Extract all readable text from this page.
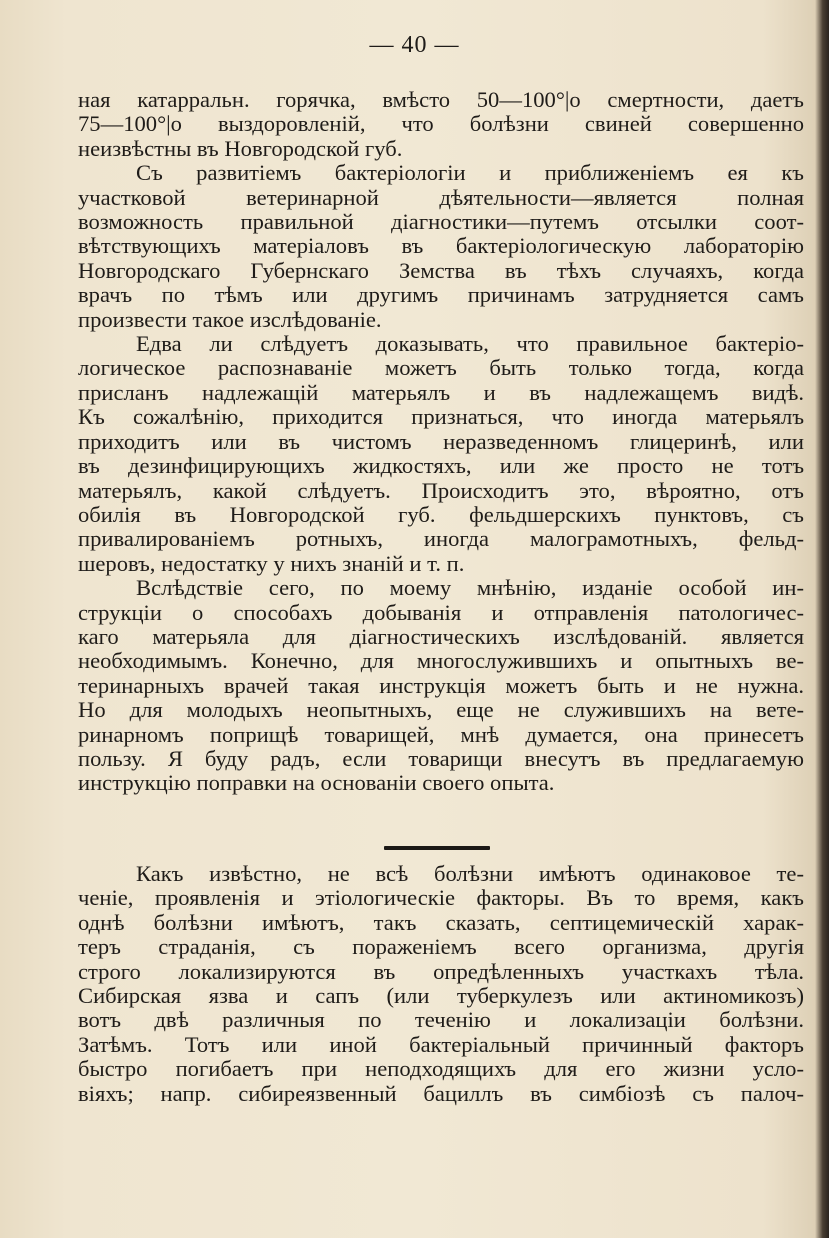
— 40 —
ная катарральн. горячка, вмѣсто 50—100°|о смертности, даетъ
75—100°|о выздоровленій, что болѣзни свиней совершенно
неизвѣстны въ Новгородской губ.
Съ развитіемъ бактеріологіи и приближеніемъ ея къ
участковой ветеринарной дѣятельности—является полная
возможность правильной діагностики—путемъ отсылки соот-
вѣтствующихъ матеріаловъ въ бактеріологическую лабораторію
Новгородскаго Губернскаго Земства въ тѣхъ случаяхъ, когда
врачъ по тѣмъ или другимъ причинамъ затрудняется самъ
произвести такое изслѣдованіе.
Едва ли слѣдуетъ доказывать, что правильное бактеріо-
логическое распознаваніе можетъ быть только тогда, когда
присланъ надлежащій матерьялъ и въ надлежащемъ видѣ.
Къ сожалѣнію, приходится признаться, что иногда матерьялъ
приходитъ или въ чистомъ неразведенномъ глицеринѣ, или
въ дезинфицирующихъ жидкостяхъ, или же просто не тотъ
матерьялъ, какой слѣдуетъ. Происходитъ это, вѣроятно, отъ
обилія въ Новгородской губ. фельдшерскихъ пунктовъ, съ
привалированіемъ ротныхъ, иногда малограмотныхъ, фельд-
шеровъ, недостатку у нихъ знаній и т. п.
Вслѣдствіе сего, по моему мнѣнію, изданіе особой ин-
струкціи о способахъ добыванія и отправленія патологичес-
каго матерьяла для діагностическихъ изслѣдованій. является
необходимымъ. Конечно, для многослужившихъ и опытныхъ ве-
теринарныхъ врачей такая инструкція можетъ быть и не нужна.
Но для молодыхъ неопытныхъ, еще не служившихъ на вете-
ринарномъ поприщѣ товарищей, мнѣ думается, она принесетъ
пользу. Я буду радъ, если товарищи внесутъ въ предлагаемую
инструкцію поправки на основаніи своего опыта.
Какъ извѣстно, не всѣ болѣзни имѣютъ одинаковое те-
ченіе, проявленія и этіологическіе факторы. Въ то время, какъ
однѣ болѣзни имѣютъ, такъ сказать, септицемическій харак-
теръ страданія, съ пораженіемъ всего организма, другія
строго локализируются въ опредѣленныхъ участкахъ тѣла.
Сибирская язва и сапъ (или туберкулезъ или актиномикозъ)
вотъ двѣ различныя по теченію и локализаціи болѣзни.
Затѣмъ. Тотъ или иной бактеріальный причинный факторъ
быстро погибаетъ при неподходящихъ для его жизни усло-
віяхъ; напр. сибиреязвенный бациллъ въ симбіозѣ съ палоч-
